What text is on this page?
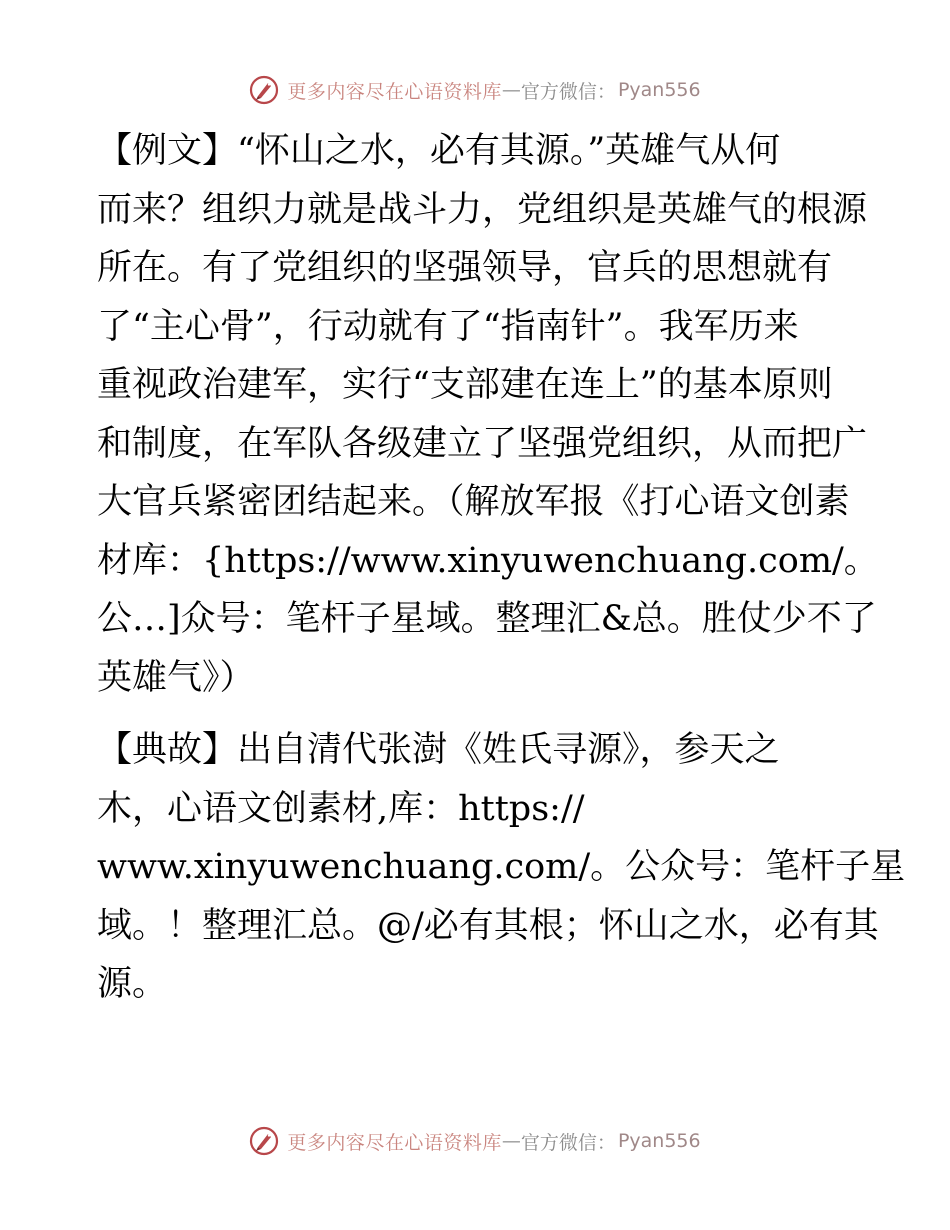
更多内容尽在心语资料库 — 官方微信： Pyan556

【例文】“怀山之水，必有其源。”英雄气从何
而来？组织力就是战斗力，党组织是英雄气的根源
所在。有了党组织的坚强领导，官兵的思想就有
了“主心骨”，行动就有了“指南针”。我军历来
重视政治建军，实行“支部建在连上”的基本原则
和制度，在军队各级建立了坚强党组织，从而把广
大官兵紧密团结起来。（解放军报《打心语文创素
材库：{https://www.xinyuwenchuang.com/。
公…]众号：笔杆子星域。整理汇&总。胜仗少不了
英雄气》）

【典故】出自清代张澍《姓氏寻源》，参天之
木，心语文创素材,库：https://
www.xinyuwenchuang.com/。公众号：笔杆子星
域。！整理汇总。@/必有其根；怀山之水，必有其
源。

更多内容尽在心语资料库 — 官方微信： Pyan556
